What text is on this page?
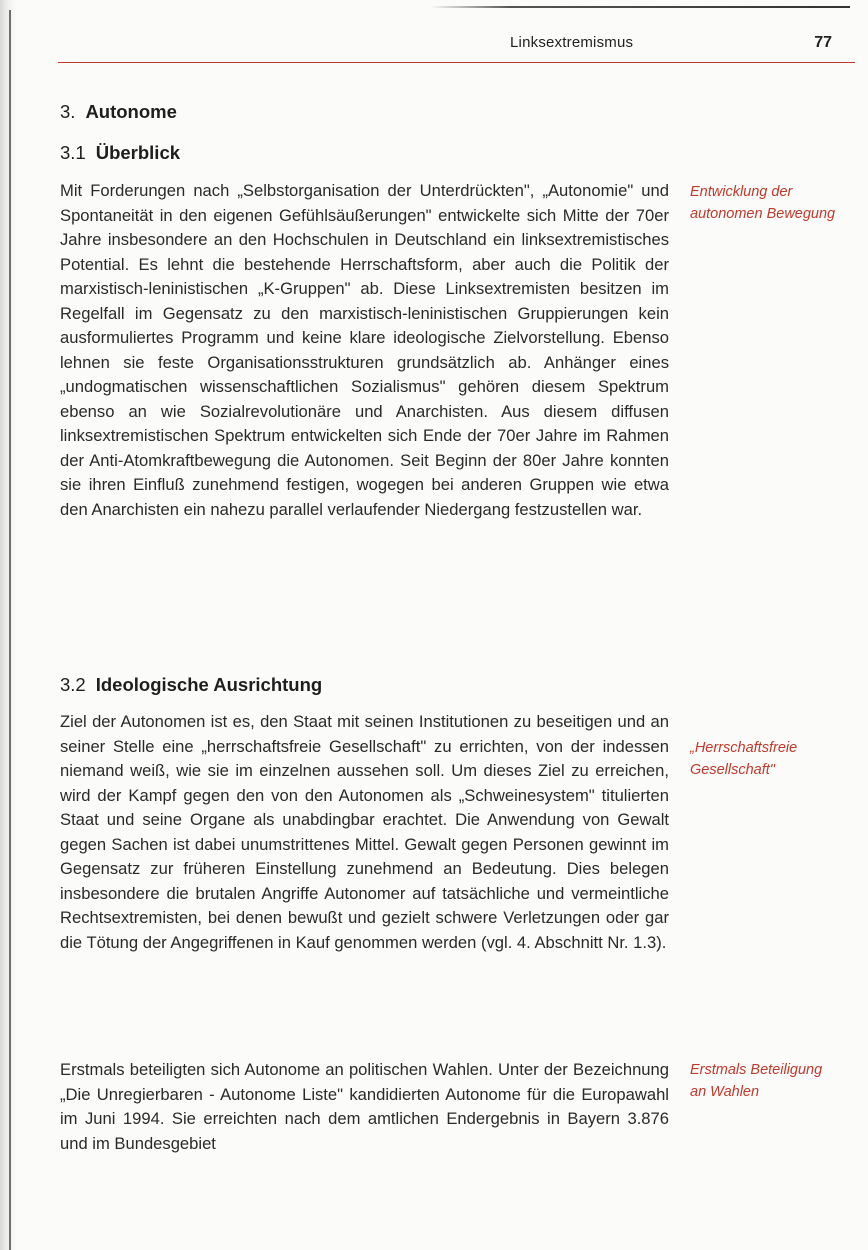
Linksextremismus	77
3. Autonome
3.1 Überblick

Mit Forderungen nach „Selbstorganisation der Unterdrückten", „Autonomie" und Spontaneität in den eigenen Gefühlsäußerungen" entwickelte sich Mitte der 70er Jahre insbesondere an den Hochschulen in Deutschland ein linksextremistisches Potential. Es lehnt die bestehende Herrschaftsform, aber auch die Politik der marxistisch-leninistischen „K-Gruppen" ab. Diese Linksextremisten besitzen im Regelfall im Gegensatz zu den marxistisch-leninistischen Gruppierungen kein ausformuliertes Programm und keine klare ideologische Zielvorstellung. Ebenso lehnen sie feste Organisationsstrukturen grundsätzlich ab. Anhänger eines „undogmatischen wissenschaftlichen Sozialismus" gehören diesem Spektrum ebenso an wie Sozialrevolutionäre und Anarchisten. Aus diesem diffusen linksextremistischen Spektrum entwickelten sich Ende der 70er Jahre im Rahmen der Anti-Atomkraftbewegung die Autonomen. Seit Beginn der 80er Jahre konnten sie ihren Einfluß zunehmend festigen, wogegen bei anderen Gruppen wie etwa den Anarchisten ein nahezu parallel verlaufender Niedergang festzustellen war.

Entwicklung der autonomen Bewegung

3.2 Ideologische Ausrichtung

Ziel der Autonomen ist es, den Staat mit seinen Institutionen zu beseitigen und an seiner Stelle eine „herrschaftsfreie Gesellschaft" zu errichten, von der indessen niemand weiß, wie sie im einzelnen aussehen soll. Um dieses Ziel zu erreichen, wird der Kampf gegen den von den Autonomen als „Schweinesystem" titulierten Staat und seine Organe als unabdingbar erachtet. Die Anwendung von Gewalt gegen Sachen ist dabei unumstrittenes Mittel. Gewalt gegen Personen gewinnt im Gegensatz zur früheren Einstellung zunehmend an Bedeutung. Dies belegen insbesondere die brutalen Angriffe Autonomer auf tatsächliche und vermeintliche Rechtsextremisten, bei denen bewußt und gezielt schwere Verletzungen oder gar die Tötung der Angegriffenen in Kauf genommen werden (vgl. 4. Abschnitt Nr. 1.3).

„Herrschaftsfreie Gesellschaft"

Erstmals beteiligten sich Autonome an politischen Wahlen. Unter der Bezeichnung „Die Unregierbaren - Autonome Liste" kandidierten Autonome für die Europawahl im Juni 1994. Sie erreichten nach dem amtlichen Endergebnis in Bayern 3.876 und im Bundesgebiet

Erstmals Beteiligung an Wahlen
